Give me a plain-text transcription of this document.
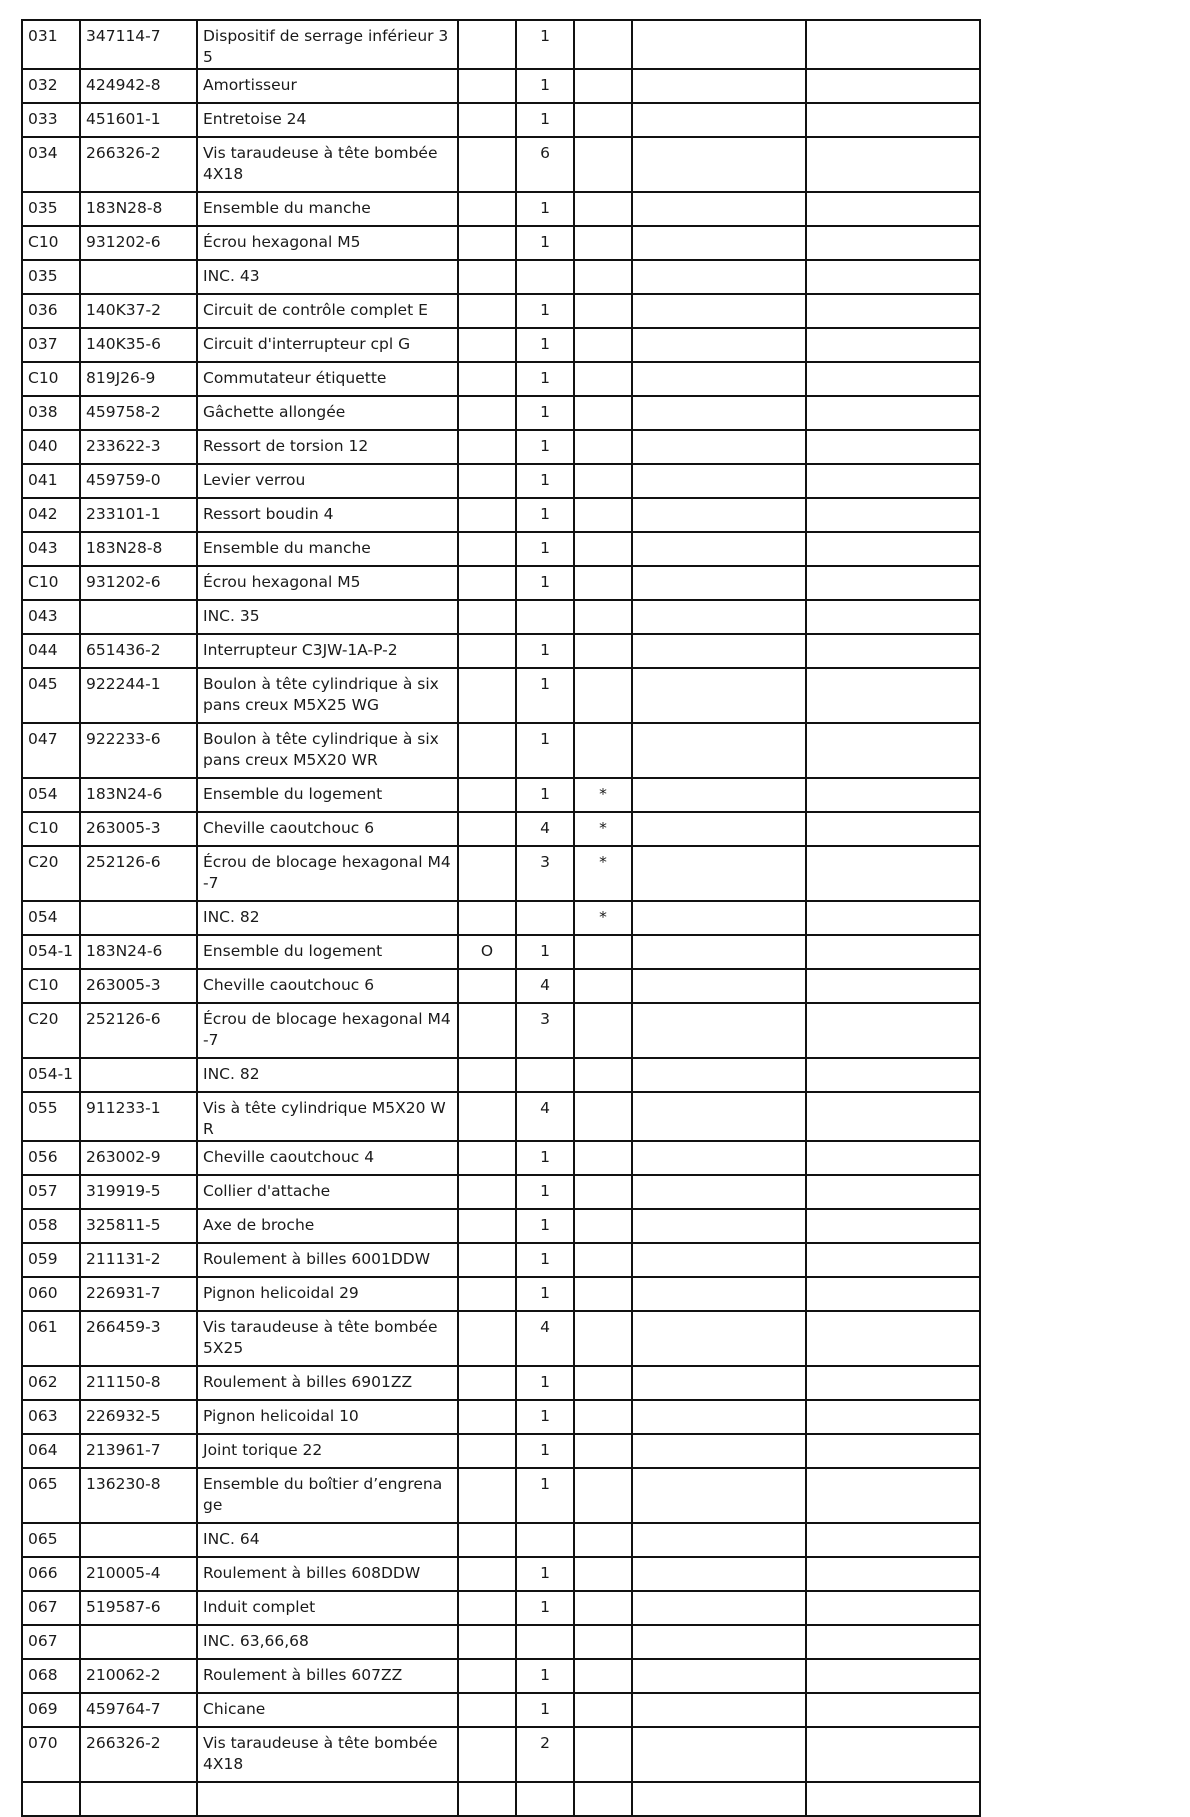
031	347114-7	Dispositif de serrage inférieur 35		1			
032	424942-8	Amortisseur		1			
033	451601-1	Entretoise 24		1			
034	266326-2	Vis taraudeuse à tête bombée 4X18		6			
035	183N28-8	Ensemble du manche		1			
C10	931202-6	Écrou hexagonal M5		1			
035		INC. 43					
036	140K37-2	Circuit de contrôle complet E		1			
037	140K35-6	Circuit d'interrupteur cpl G		1			
C10	819J26-9	Commutateur étiquette		1			
038	459758-2	Gâchette allongée		1			
040	233622-3	Ressort de torsion 12		1			
041	459759-0	Levier verrou		1			
042	233101-1	Ressort boudin 4		1			
043	183N28-8	Ensemble du manche		1			
C10	931202-6	Écrou hexagonal M5		1			
043		INC. 35					
044	651436-2	Interrupteur C3JW-1A-P-2		1			
045	922244-1	Boulon à tête cylindrique à six pans creux M5X25 WG		1			
047	922233-6	Boulon à tête cylindrique à six pans creux M5X20 WR		1			
054	183N24-6	Ensemble du logement		1	*		
C10	263005-3	Cheville caoutchouc 6		4	*		
C20	252126-6	Écrou de blocage hexagonal M4-7		3	*		
054		INC. 82			*		
054-1	183N24-6	Ensemble du logement	O	1			
C10	263005-3	Cheville caoutchouc 6		4			
C20	252126-6	Écrou de blocage hexagonal M4-7		3			
054-1		INC. 82					
055	911233-1	Vis à tête cylindrique M5X20 WR		4			
056	263002-9	Cheville caoutchouc 4		1			
057	319919-5	Collier d'attache		1			
058	325811-5	Axe de broche		1			
059	211131-2	Roulement à billes 6001DDW		1			
060	226931-7	Pignon helicoidal 29		1			
061	266459-3	Vis taraudeuse à tête bombée 5X25		4			
062	211150-8	Roulement à billes 6901ZZ		1			
063	226932-5	Pignon helicoidal 10		1			
064	213961-7	Joint torique 22		1			
065	136230-8	Ensemble du boîtier d’engrenage		1			
065		INC. 64					
066	210005-4	Roulement à billes 608DDW		1			
067	519587-6	Induit complet		1			
067		INC. 63,66,68					
068	210062-2	Roulement à billes 607ZZ		1			
069	459764-7	Chicane		1			
070	266326-2	Vis taraudeuse à tête bombée 4X18		2			
